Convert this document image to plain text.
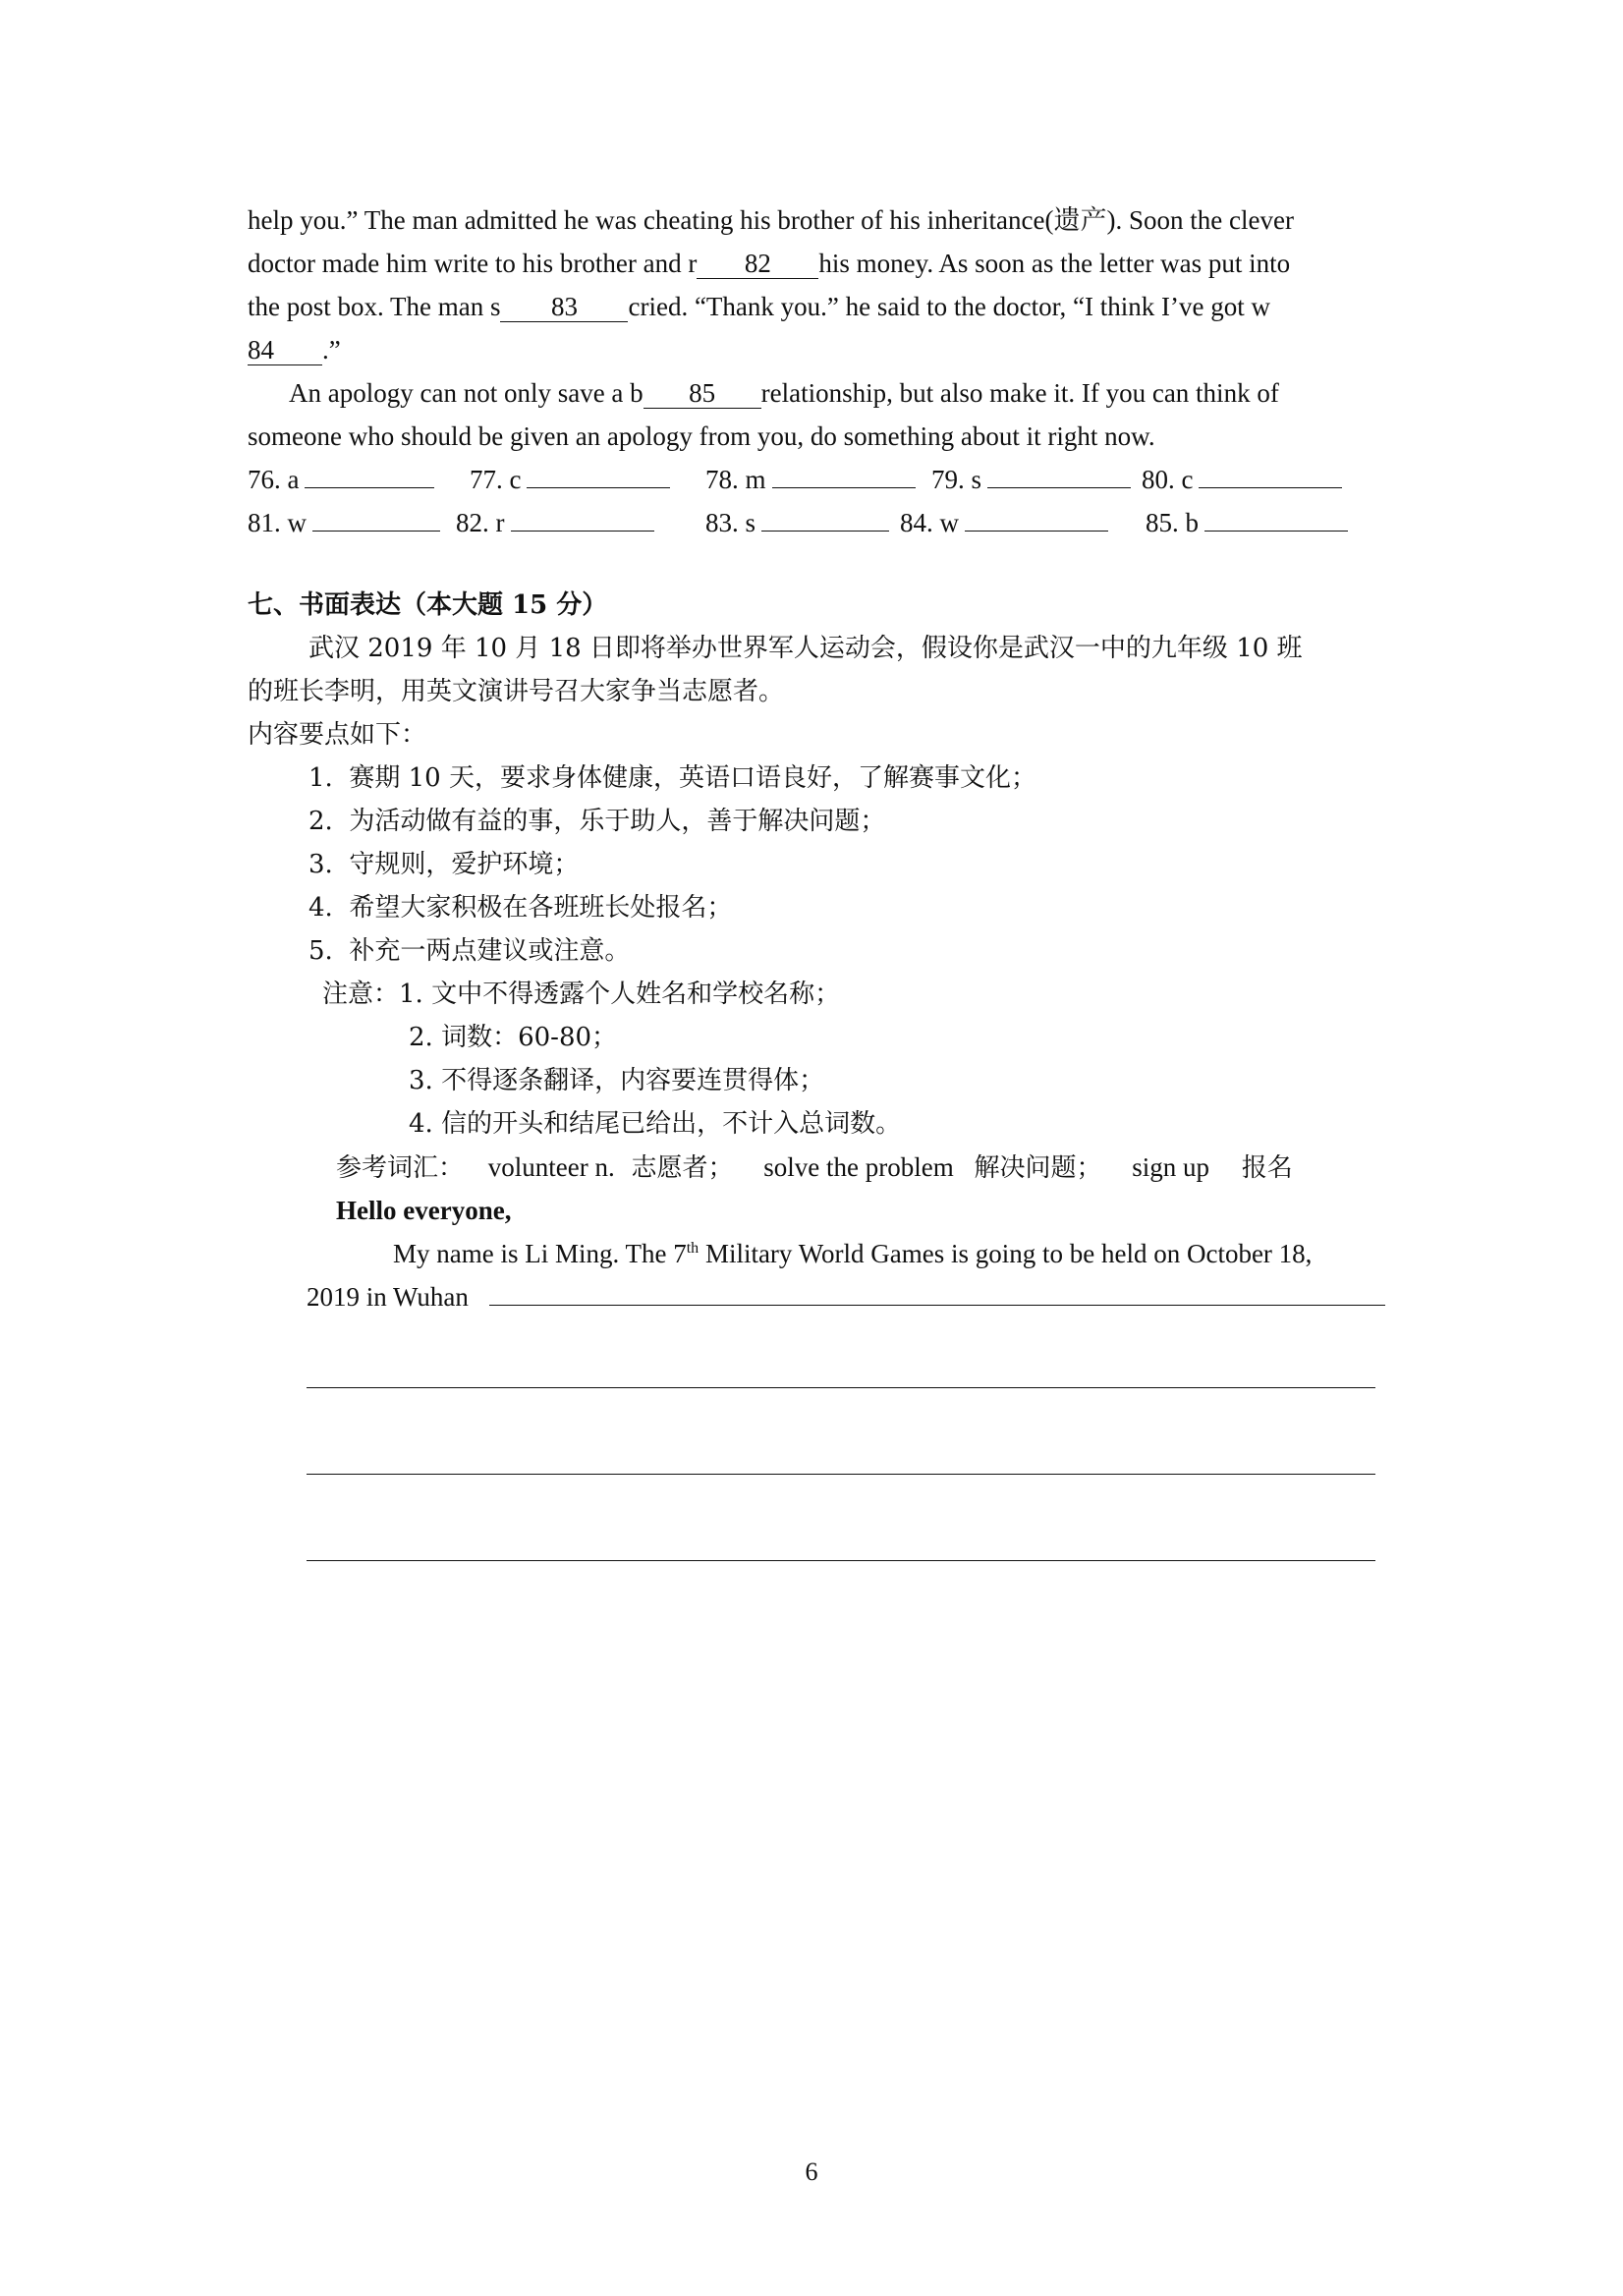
help you.” The man admitted he was cheating his brother of his inheritance(遗产). Soon the clever
doctor made him write to his brother and r 82 his money. As soon as the letter was put into
the post box. The man s 83 cried. “Thank you.” he said to the doctor, “I think I’ve got w
84 .”
An apology can not only save a b 85 relationship, but also make it. If you can think of
someone who should be given an apology from you, do something about it right now.
76. a	77. c	78. m	79. s	80. c
81. w	82. r	83. s	84. w	85. b
七、书面表达（本大题 15 分）
武汉 2019 年 10 月 18 日即将举办世界军人运动会，假设你是武汉一中的九年级 10 班
的班长李明，用英文演讲号召大家争当志愿者。
内容要点如下：
1.  赛期 10 天，要求身体健康，英语口语良好，了解赛事文化；
2.  为活动做有益的事，乐于助人，善于解决问题；
3.  守规则，爱护环境；
4.  希望大家积极在各班班长处报名；
5.  补充一两点建议或注意。
注意：1. 文中不得透露个人姓名和学校名称；
2. 词数：60-80；
3. 不得逐条翻译，内容要连贯得体；
4. 信的开头和结尾已给出，不计入总词数。
参考词汇： volunteer n. 志愿者； solve the problem 解决问题； sign up 报名
Hello everyone,
My name is Li Ming. The 7th Military World Games is going to be held on October 18,
2019 in Wuhan
6
